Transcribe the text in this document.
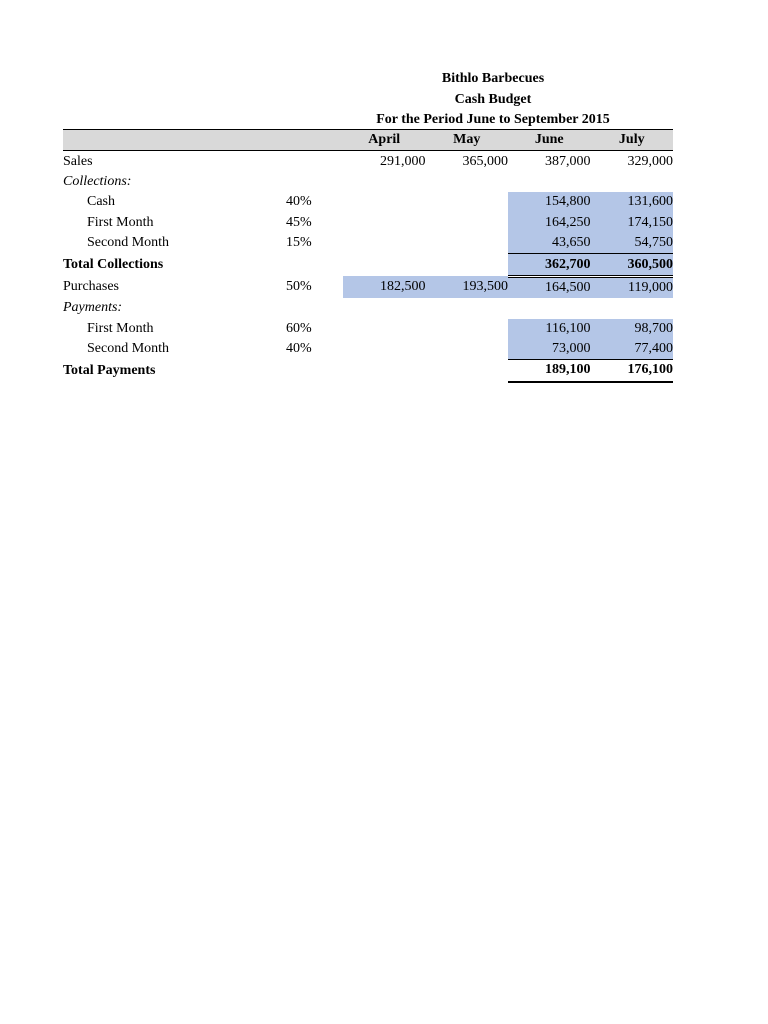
Bithlo Barbecues
Cash Budget
For the Period June to September 2015
		April	May	June	July
Sales		291,000	365,000	387,000	329,000
Collections:					
Cash	40%			154,800	131,600
First Month	45%			164,250	174,150
Second Month	15%			43,650	54,750
Total Collections				362,700	360,500
Purchases	50%	182,500	193,500	164,500	119,000
Payments:					
First Month	60%			116,100	98,700
Second Month	40%			73,000	77,400
Total Payments				189,100	176,100
